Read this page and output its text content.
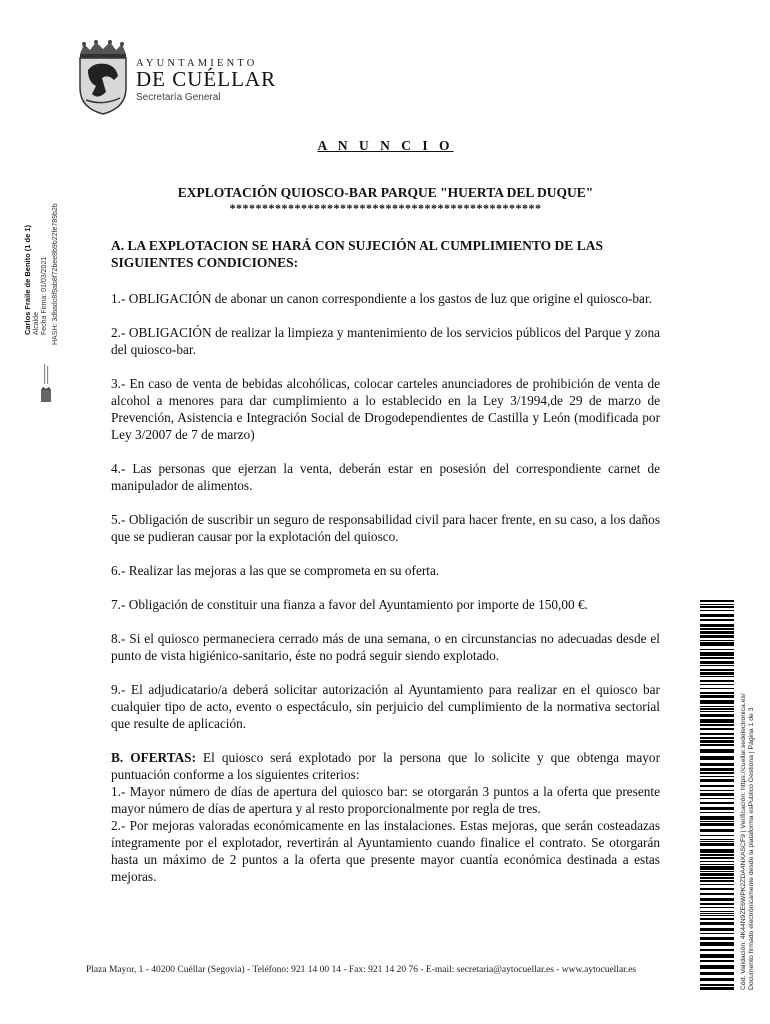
AYUNTAMIENTO
DE CUÉLLAR
Secretaría General
Carlos Fraile de Benito (1 de 1) Alcalde Fecha Firma: 01/03/2021 HASH: 3dbadc8f9ab8f72bee8b9b22fe789b2b
A N U N C I O
EXPLOTACIÓN QUIOSCO-BAR PARQUE "HUERTA DEL DUQUE"
************************************************
A. LA EXPLOTACION SE HARÁ CON SUJECIÓN AL CUMPLIMIENTO DE LAS SIGUIENTES CONDICIONES:

1.- OBLIGACIÓN de abonar un canon correspondiente a los gastos de luz que origine el quiosco-bar.

2.- OBLIGACIÓN de realizar la limpieza y mantenimiento de los servicios públicos del Parque y zona del quiosco-bar.

3.- En caso de venta de bebidas alcohólicas, colocar carteles anunciadores de prohibición de venta de alcohol a menores para dar cumplimiento a lo establecido en la Ley 3/1994,de 29 de marzo de Prevención, Asistencia e Integración Social de Drogodependientes de Castilla y León (modificada por Ley 3/2007 de 7 de marzo)

4.- Las personas que ejerzan la venta, deberán estar en posesión del correspondiente carnet de manipulador de alimentos.

5.- Obligación de suscribir un seguro de responsabilidad civil para hacer frente, en su caso, a los daños que se pudieran causar por la explotación del quiosco.

6.- Realizar las mejoras a las que se comprometa en su oferta.

7.- Obligación de constituir una fianza a favor del Ayuntamiento por importe de 150,00 €.

8.- Si el quiosco permaneciera cerrado más de una semana, o en circunstancias no adecuadas desde el punto de vista higiénico-sanitario, éste no podrá seguir siendo explotado.

9.- El adjudicatario/a deberá solicitar autorización al Ayuntamiento para realizar en el quiosco bar cualquier tipo de acto, evento o espectáculo, sin perjuicio del cumplimiento de la normativa sectorial que resulte de aplicación.

B. OFERTAS: El quiosco será explotado por la persona que lo solicite y que obtenga mayor puntuación conforme a los siguientes criterios:

1.- Mayor número de días de apertura del quiosco bar: se otorgarán 3 puntos a la oferta que presente mayor número de días de apertura y al resto proporcionalmente por regla de tres.

2.- Por mejoras valoradas económicamente en las instalaciones. Estas mejoras, que serán costeadazas íntegramente por el explotador, revertirán al Ayuntamiento cuando finalice el contrato. Se otorgarán hasta un máximo de 2 puntos a la oferta que presente mayor cuantía económica destinada a estas mejoras.

Plaza Mayor, 1 - 40200 Cuéllar (Segovia) - Teléfono: 921 14 00 14 - Fax: 921 14 20 76 - E-mail: secretaria@aytocuellar.es - www.aytocuellar.es	Cód. Validación: 4K44N9ZE6WPK2ZDA4NXASCF9 | Verificación: https://cuellar.sedelectronica.es/ Documento firmado electrónicamente desde la plataforma esPublico Gestiona | Página 1 de 3
